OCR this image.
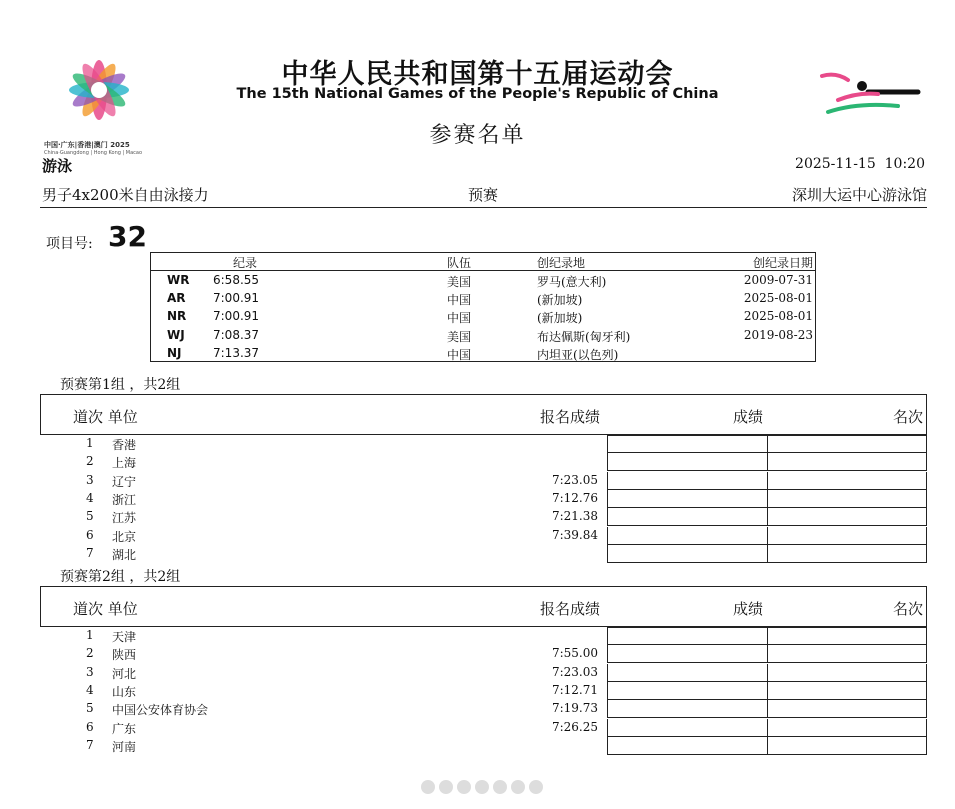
中国·广东|香港|澳门 2025
China·Guangdong | Hong Kong | Macao
中华人民共和国第十五届运动会
The 15th National Games of the People's Republic of China
参赛名单
游泳	2025-11-15  10:20
男子4x200米自由泳接力	预赛	深圳大运中心游泳馆
项目号: 32
纪录	队伍	创纪录地	创纪录日期
WR 6:58.55	美国	罗马(意大利)	2009-07-31
AR 7:00.91	中国	(新加坡)	2025-08-01
NR 7:00.91	中国	(新加坡)	2025-08-01
WJ 7:08.37	美国	布达佩斯(匈牙利)	2019-08-23
NJ	7:13.37	中国	内坦亚(以色列)
预赛第1组 ，共2组
道次 单位	报名成绩	成绩	名次
1 香港
2 上海
3 辽宁	7:23.05
4 浙江	7:12.76
5 江苏	7:21.38
6 北京	7:39.84
7 湖北
预赛第2组 ，共2组
道次 单位	报名成绩	成绩	名次
1 天津
2 陕西	7:55.00
3 河北	7:23.03
4 山东	7:12.71
5 中国公安体育协会	7:19.73
6 广东	7:26.25
7 河南
